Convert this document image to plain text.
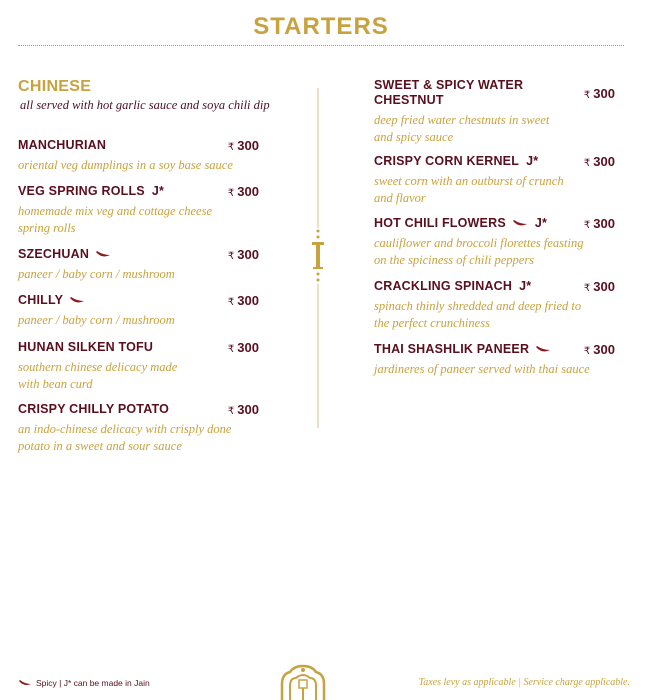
STARTERS
CHINESE
all served with hot garlic sauce and soya chili dip
MANCHURIAN	₹ 300
oriental veg dumplings in a soy base sauce
VEG SPRING ROLLS J*	₹ 300
homemade mix veg and cottage cheese
spring rolls
SZECHUAN	₹ 300
paneer / baby corn / mushroom
CHILLY	₹ 300
paneer / baby corn / mushroom
HUNAN SILKEN TOFU	₹ 300
southern chinese delicacy made
with bean curd
CRISPY CHILLY POTATO	₹ 300
an indo-chinese delicacy with crisply done
potato in a sweet and sour sauce
SWEET & SPICY WATER
CHESTNUT	₹ 300
deep fried water chestnuts in sweet
and spicy sauce
CRISPY CORN KERNEL J*	₹ 300
sweet corn with an outburst of crunch
and flavor
HOT CHILI FLOWERS J*	₹ 300
cauliflower and broccoli florettes feasting
on the spiciness of chili peppers
CRACKLING SPINACH J*	₹ 300
spinach thinly shredded and deep fried to
the perfect crunchiness
THAI SHASHLIK PANEER	₹ 300
jardineres of paneer served with thai sauce
Spicy | J* can be made in Jain	Taxes levy as applicable | Service charge applicable.
